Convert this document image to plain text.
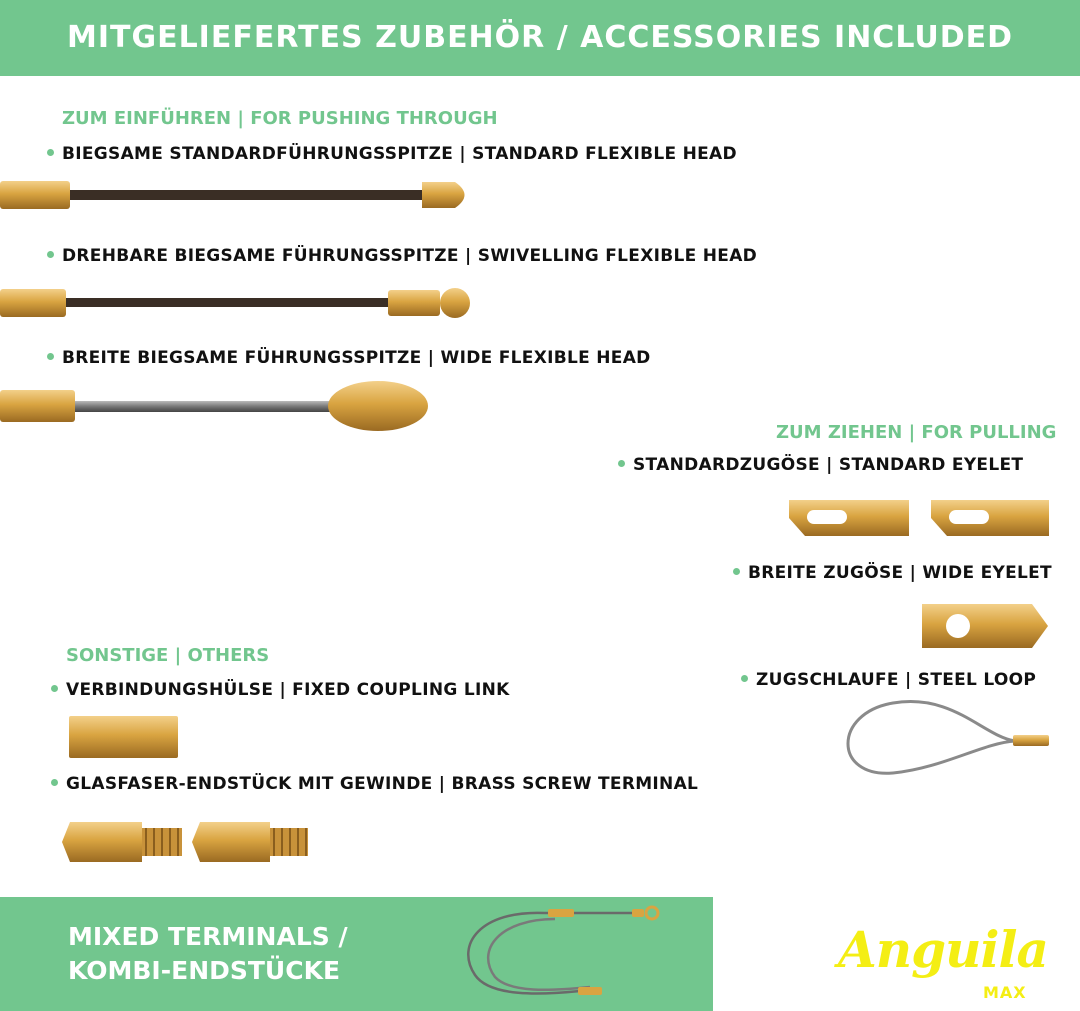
MITGELIEFERTES ZUBEHÖR / ACCESSORIES INCLUDED
ZUM EINFÜHREN | FOR PUSHING THROUGH
BIEGSAME STANDARDFÜHRUNGSSPITZE | STANDARD FLEXIBLE HEAD
DREHBARE BIEGSAME FÜHRUNGSSPITZE | SWIVELLING FLEXIBLE HEAD
BREITE BIEGSAME FÜHRUNGSSPITZE | WIDE FLEXIBLE HEAD
ZUM ZIEHEN | FOR PULLING
STANDARDZUGÖSE | STANDARD EYELET
BREITE ZUGÖSE | WIDE EYELET
ZUGSCHLAUFE | STEEL LOOP
SONSTIGE | OTHERS
VERBINDUNGSHÜLSE | FIXED COUPLING LINK
GLASFASER-ENDSTÜCK MIT GEWINDE | BRASS SCREW TERMINAL
MIXED TERMINALS /
KOMBI-ENDSTÜCKE	Anguila
MAX
